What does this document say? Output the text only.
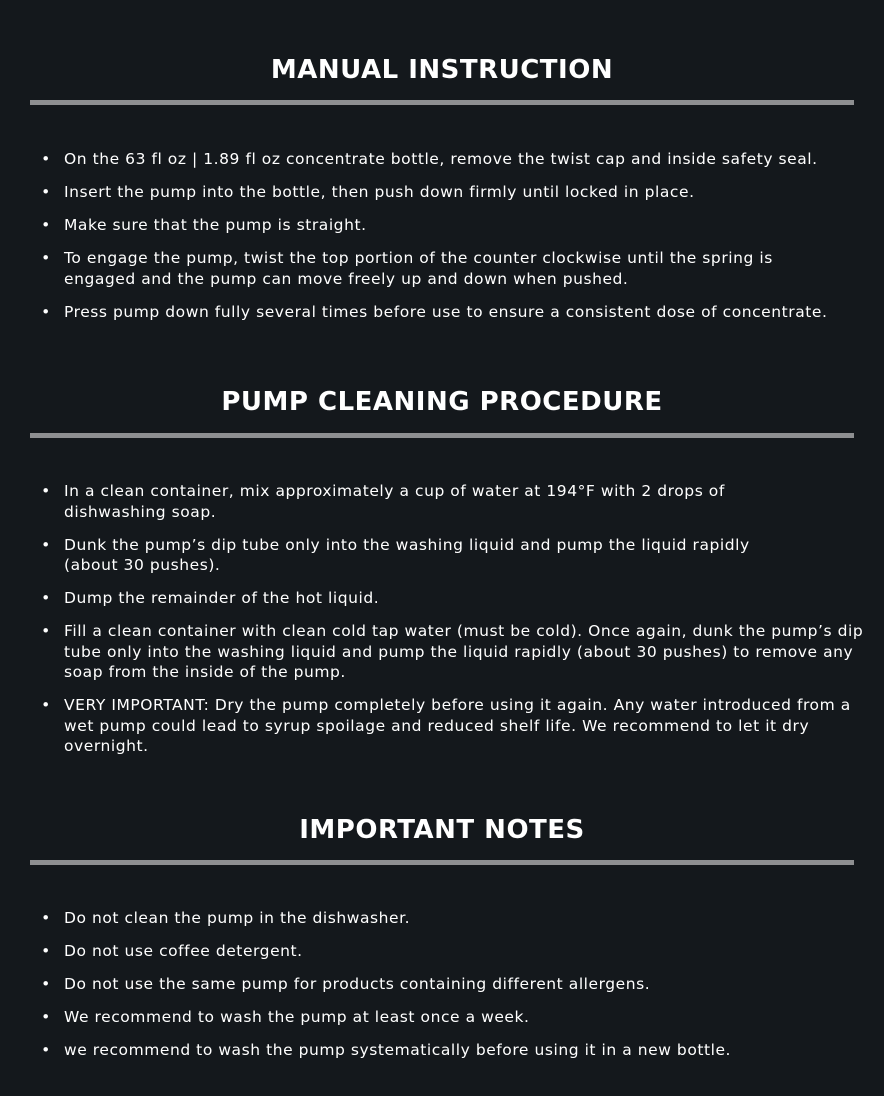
MANUAL INSTRUCTION
• On the 63 fl oz | 1.89 fl oz concentrate bottle, remove the twist cap and inside safety seal.
• Insert the pump into the bottle, then push down firmly until locked in place.
• Make sure that the pump is straight.
• To engage the pump, twist the top portion of the counter clockwise until the spring is engaged and the pump can move freely up and down when pushed.
• Press pump down fully several times before use to ensure a consistent dose of concentrate.
PUMP CLEANING PROCEDURE
• In a clean container, mix approximately a cup of water at 194°F with 2 drops of dishwashing soap.
• Dunk the pump’s dip tube only into the washing liquid and pump the liquid rapidly (about 30 pushes).
• Dump the remainder of the hot liquid.
• Fill a clean container with clean cold tap water (must be cold). Once again, dunk the pump’s dip tube only into the washing liquid and pump the liquid rapidly (about 30 pushes) to remove any soap from the inside of the pump.
• VERY IMPORTANT: Dry the pump completely before using it again. Any water introduced from a wet pump could lead to syrup spoilage and reduced shelf life. We recommend to let it dry overnight.
IMPORTANT NOTES
• Do not clean the pump in the dishwasher.
• Do not use coffee detergent.
• Do not use the same pump for products containing different allergens.
• We recommend to wash the pump at least once a week.
• we recommend to wash the pump systematically before using it in a new bottle.
